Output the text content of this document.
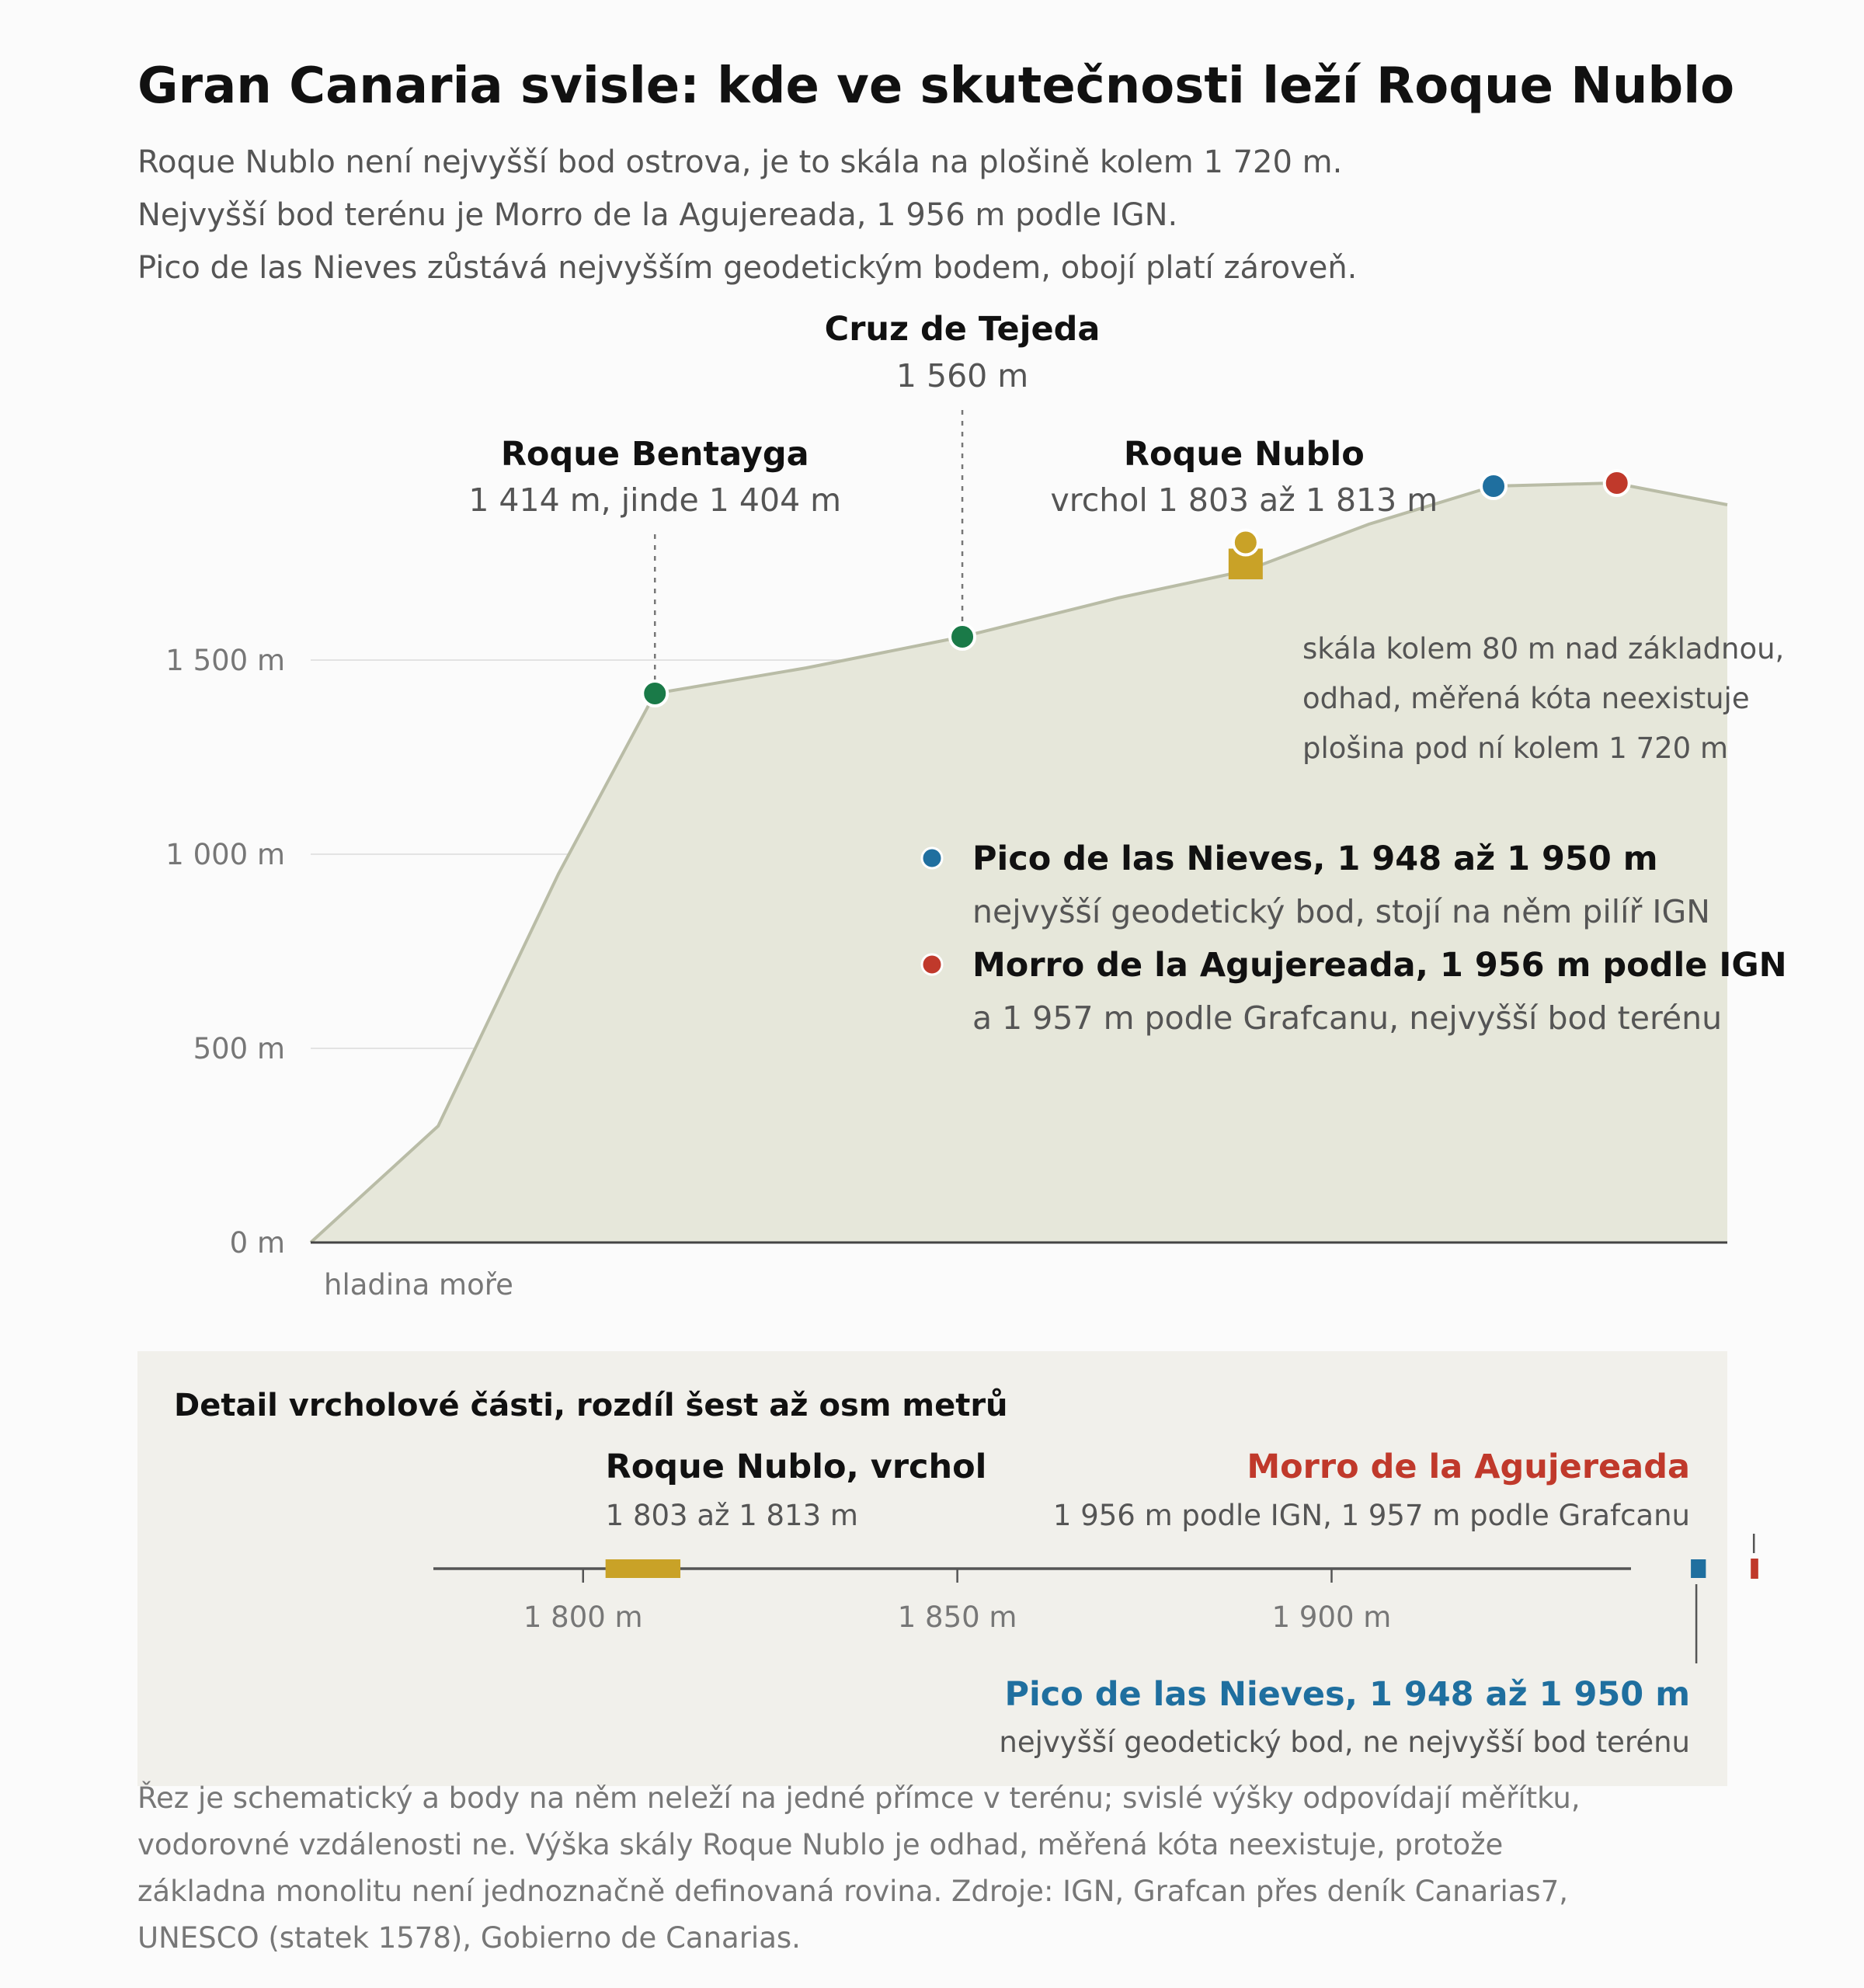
Gran Canaria svisle: kde ve skutečnosti leží Roque Nublo
Roque Nublo není nejvyšší bod ostrova, je to skála na plošině kolem 1 720 m.
Nejvyšší bod terénu je Morro de la Agujereada, 1 956 m podle IGN.
Pico de las Nieves zůstává nejvyšším geodetickým bodem, obojí platí zároveň.
0 m
500 m
1 000 m
1 500 m
hladina moře
Roque Bentayga
1 414 m, jinde 1 404 m
Cruz de Tejeda
1 560 m
Roque Nublo
vrchol 1 803 až 1 813 m
skála kolem 80 m nad základnou,
odhad, měřená kóta neexistuje
plošina pod ní kolem 1 720 m
Pico de las Nieves, 1 948 až 1 950 m
nejvyšší geodetický bod, stojí na něm pilíř IGN
Morro de la Agujereada, 1 956 m podle IGN
a 1 957 m podle Grafcanu, nejvyšší bod terénu
Detail vrcholové části, rozdíl šest až osm metrů
1 800 m	1 850 m	1 900 m
Roque Nublo, vrchol
1 803 až 1 813 m
Morro de la Agujereada
1 956 m podle IGN, 1 957 m podle Grafcanu
Pico de las Nieves, 1 948 až 1 950 m
nejvyšší geodetický bod, ne nejvyšší bod terénu
Řez je schematický a body na něm neleží na jedné přímce v terénu; svislé výšky odpovídají měřítku,
vodorovné vzdálenosti ne. Výška skály Roque Nublo je odhad, měřená kóta neexistuje, protože
základna monolitu není jednoznačně definovaná rovina. Zdroje: IGN, Grafcan přes deník Canarias7,
UNESCO (statek 1578), Gobierno de Canarias.
